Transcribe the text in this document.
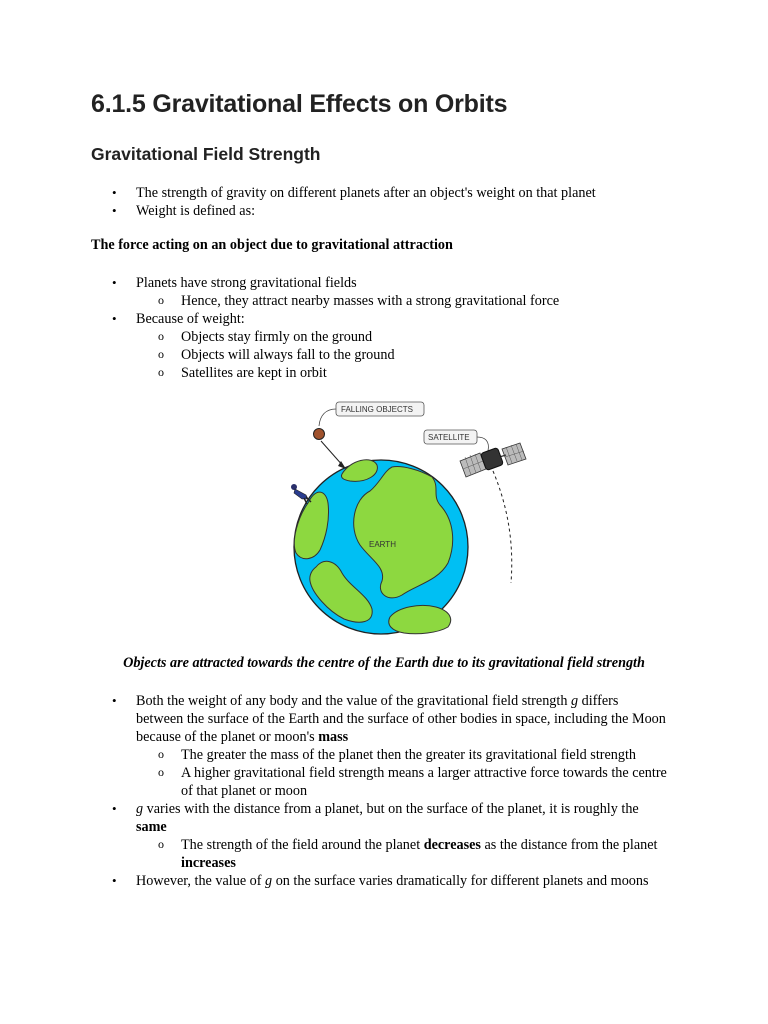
6.1.5 Gravitational Effects on Orbits
Gravitational Field Strength
• The strength of gravity on different planets after an object's weight on that planet
• Weight is defined as:

The force acting on an object due to gravitational attraction

• Planets have strong gravitational fields
o Hence, they attract nearby masses with a strong gravitational force
• Because of weight:
o Objects stay firmly on the ground
o Objects will always fall to the ground
o Satellites are kept in orbit
EARTH
FALLING OBJECTS
SATELLITE

Objects are attracted towards the centre of the Earth due to its gravitational field strength

• Both the weight of any body and the value of the gravitational field strength g differs between the surface of the Earth and the surface of other bodies in space, including the Moon because of the planet or moon's mass
o The greater the mass of the planet then the greater its gravitational field strength
o A higher gravitational field strength means a larger attractive force towards the centre of that planet or moon
• g varies with the distance from a planet, but on the surface of the planet, it is roughly the same
o The strength of the field around the planet decreases as the distance from the planet increases
• However, the value of g on the surface varies dramatically for different planets and moons
